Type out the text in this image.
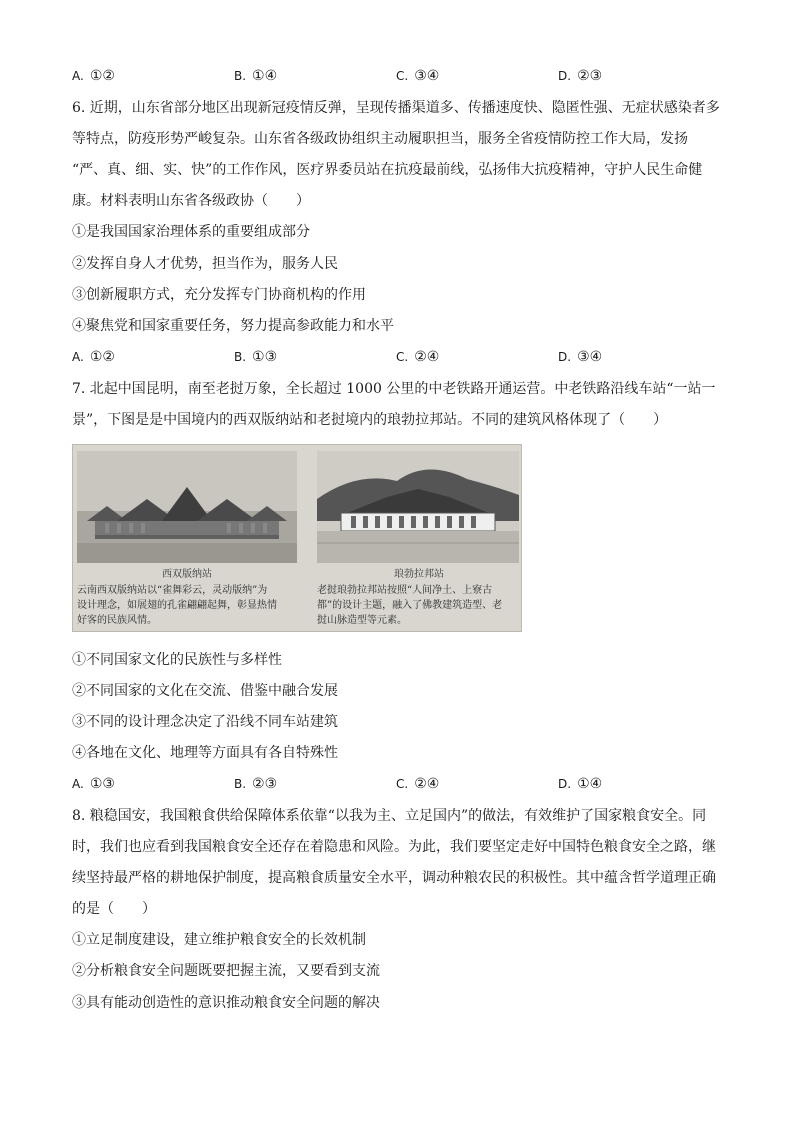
A. ①②	B. ①④	C. ③④	D. ②③
6. 近期，山东省部分地区出现新冠疫情反弹，呈现传播渠道多、传播速度快、隐匿性强、无症状感染者多
等特点，防疫形势严峻复杂。山东省各级政协组织主动履职担当，服务全省疫情防控工作大局，发扬
“严、真、细、实、快”的工作作风，医疗界委员站在抗疫最前线，弘扬伟大抗疫精神，守护人民生命健
康。材料表明山东省各级政协（　　）
①是我国国家治理体系的重要组成部分
②发挥自身人才优势，担当作为，服务人民
③创新履职方式，充分发挥专门协商机构的作用
④聚焦党和国家重要任务，努力提高参政能力和水平
A. ①②	B. ①③	C. ②④	D. ③④
7. 北起中国昆明，南至老挝万象，全长超过 1000 公里的中老铁路开通运营。中老铁路沿线车站“一站一
景”，下图是是中国境内的西双版纳站和老挝境内的琅勃拉邦站。不同的建筑风格体现了（　　）
西双版纳站	琅勃拉邦站
云南西双版纳站以“雀舞彩云，灵动版纳”为
设计理念，如展翅的孔雀翩翩起舞，彰显热情
好客的民族风情。
老挝琅勃拉邦站按照“人间净土、上寮古
都”的设计主题，融入了佛教建筑造型、老
挝山脉造型等元素。
①不同国家文化的民族性与多样性
②不同国家的文化在交流、借鉴中融合发展
③不同的设计理念决定了沿线不同车站建筑
④各地在文化、地理等方面具有各自特殊性
A. ①③	B. ②③	C. ②④	D. ①④
8. 粮稳国安，我国粮食供给保障体系依靠“以我为主、立足国内”的做法，有效维护了国家粮食安全。同
时，我们也应看到我国粮食安全还存在着隐患和风险。为此，我们要坚定走好中国特色粮食安全之路，继
续坚持最严格的耕地保护制度，提高粮食质量安全水平，调动种粮农民的积极性。其中蕴含哲学道理正确
的是（　　）
①立足制度建设，建立维护粮食安全的长效机制
②分析粮食安全问题既要把握主流，又要看到支流
③具有能动创造性的意识推动粮食安全问题的解决
